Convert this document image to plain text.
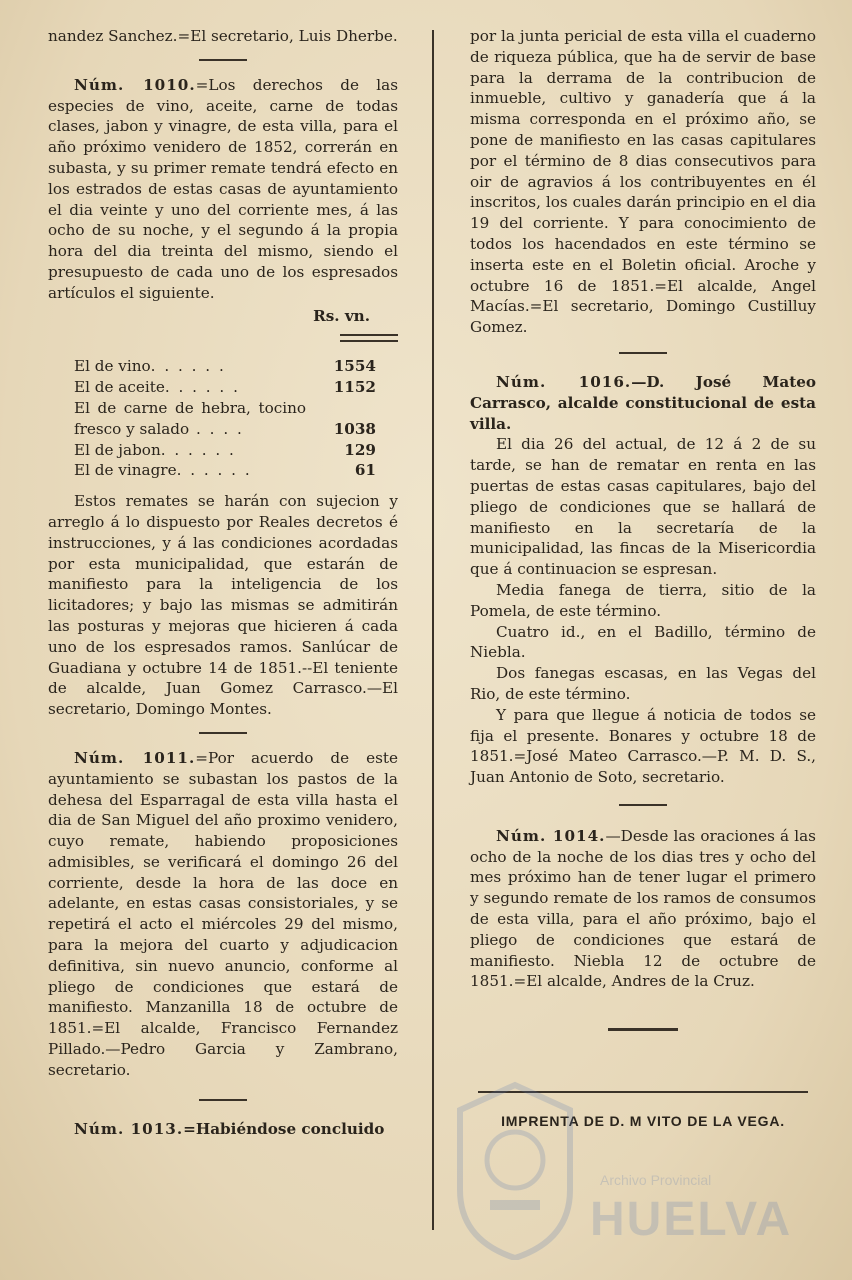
nandez Sanchez.=El secretario, Luis Dherbe.

Núm. 1010.=Los derechos de las especies de vino, aceite, carne de todas clases, jabon y vinagre, de esta villa, para el año próximo venidero de 1852, correrán en subasta, y su primer remate tendrá efecto en los estrados de estas casas de ayuntamiento el dia veinte y uno del corriente mes, á las ocho de su noche, y el segundo á la propia hora del dia treinta del mismo, siendo el presupuesto de cada uno de los espresados artículos el siguiente.

Rs. vn.
El de vino . . .	1554
El de aceite . . .	1152
El de carne de hebra, tocino fresco y salado . . . .	1038
El de jabon . . .	129
El de vinagre . . .	61

Estos remates se harán con sujecion y arreglo á lo dispuesto por Reales decretos é instrucciones, y á las condiciones acordadas por esta municipalidad, que estarán de manifiesto para la inteligencia de los licitadores; y bajo las mismas se admitirán las posturas y mejoras que hicieren á cada uno de los espresados ramos. Sanlúcar de Guadiana y octubre 14 de 1851.--El teniente de alcalde, Juan Gomez Carrasco.—El secretario, Domingo Montes.

Núm. 1011.=Por acuerdo de este ayuntamiento se subastan los pastos de la dehesa del Esparragal de esta villa hasta el dia de San Miguel del año proximo venidero, cuyo remate, habiendo proposiciones admisibles, se verificará el domingo 26 del corriente, desde la hora de las doce en adelante, en estas casas consistoriales, y se repetirá el acto el miércoles 29 del mismo, para la mejora del cuarto y adjudicacion definitiva, sin nuevo anuncio, conforme al pliego de condiciones que estará de manifiesto. Manzanilla 18 de octubre de 1851.=El alcalde, Francisco Fernandez Pillado.—Pedro Garcia y Zambrano, secretario.

Núm. 1013.=Habiéndose concluido

por la junta pericial de esta villa el cuaderno de riqueza pública, que ha de servir de base para la derrama de la contribucion de inmueble, cultivo y ganadería que á la misma corresponda en el próximo año, se pone de manifiesto en las casas capitulares por el término de 8 dias consecutivos para oir de agravios á los contribuyentes en él inscritos, los cuales darán principio en el dia 19 del corriente. Y para conocimiento de todos los hacendados en este término se inserta este en el Boletin oficial. Aroche y octubre 16 de 1851.=El alcalde, Angel Macías.=El secretario, Domingo Custilluy Gomez.

Núm. 1016.—D. José Mateo Carrasco, alcalde constitucional de esta villa.

El dia 26 del actual, de 12 á 2 de su tarde, se han de rematar en renta en las puertas de estas casas capitulares, bajo del pliego de condiciones que se hallará de manifiesto en la secretaría de la municipalidad, las fincas de la Misericordia que á continuacion se espresan.

Media fanega de tierra, sitio de la Pomela, de este término.

Cuatro id., en el Badillo, término de Niebla.

Dos fanegas escasas, en las Vegas del Rio, de este término.

Y para que llegue á noticia de todos se fija el presente. Bonares y octubre 18 de 1851.=José Mateo Carrasco.—P. M. D. S., Juan Antonio de Soto, secretario.

Núm. 1014.—Desde las oraciones á las ocho de la noche de los dias tres y ocho del mes próximo han de tener lugar el primero y segundo remate de los ramos de consumos de esta villa, para el año próximo, bajo el pliego de condiciones que estará de manifiesto. Niebla 12 de octubre de 1851.=El alcalde, Andres de la Cruz.

IMPRENTA DE D. M VITO DE LA VEGA.
Archivo Provincial
HUELVA
